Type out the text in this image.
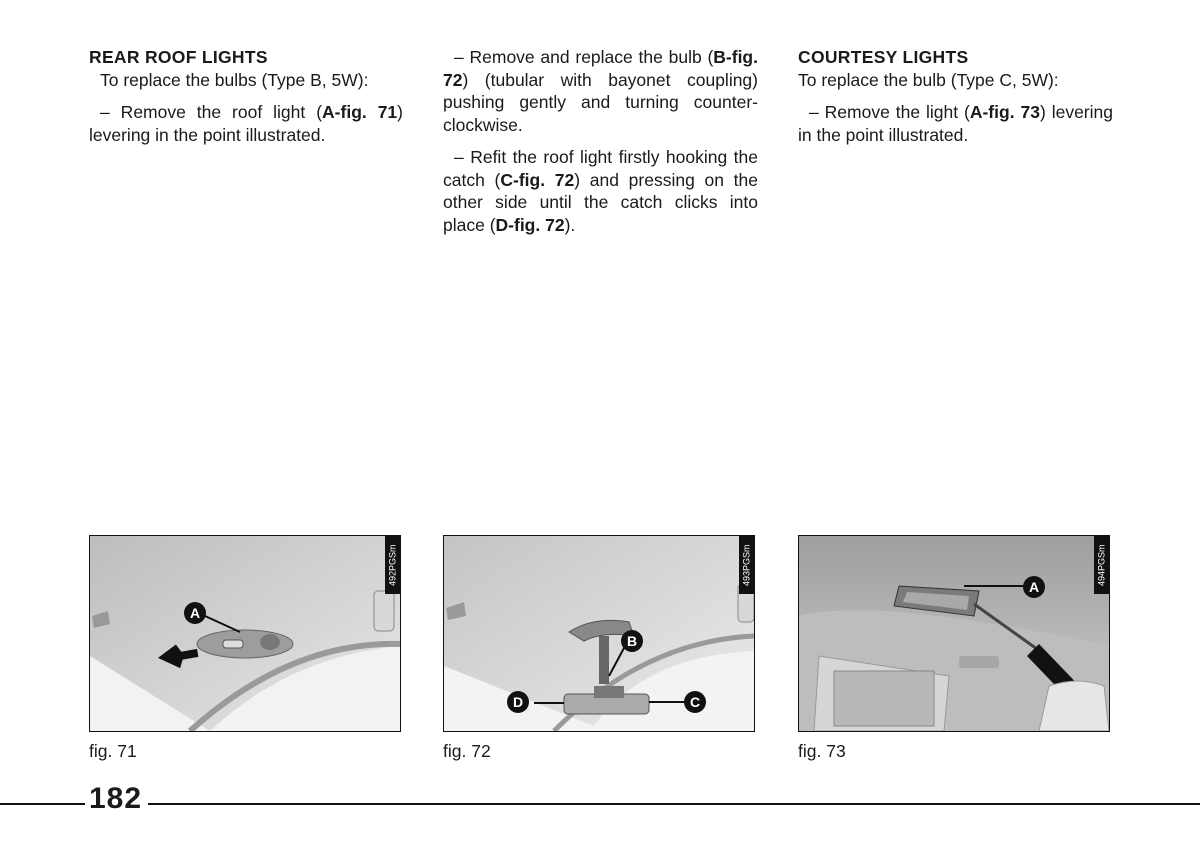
REAR ROOF LIGHTS

To replace the bulbs (Type B, 5W):

– Remove the roof light (A-fig. 71) levering in the point illustrated.

– Remove and replace the bulb (B-fig. 72) (tubular with bayonet coupling) pushing gently and turning counter-clockwise.

– Refit the roof light firstly hooking the catch (C-fig. 72) and pressing on the other side until the catch clicks into place (D-fig. 72).

COURTESY LIGHTS

To replace the bulb (Type C, 5W):

– Remove the light (A-fig. 73) levering in the point illustrated.

A
492PGSm
B
D	C
493PGSm
A
494PGSm
fig. 71	fig. 72	fig. 73
182
